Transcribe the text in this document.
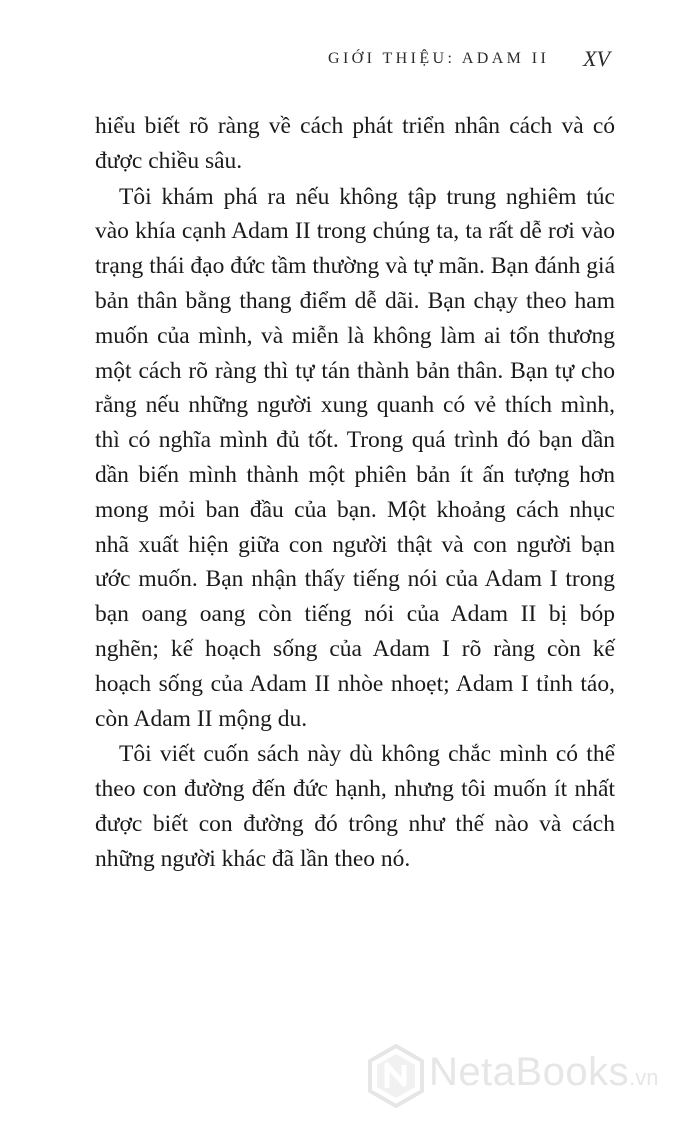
GIỚI THIỆU: ADAM II XV

hiểu biết rõ ràng về cách phát triển nhân cách và có được chiều sâu.

Tôi khám phá ra nếu không tập trung nghiêm túc vào khía cạnh Adam II trong chúng ta, ta rất dễ rơi vào trạng thái đạo đức tầm thường và tự mãn. Bạn đánh giá bản thân bằng thang điểm dễ dãi. Bạn chạy theo ham muốn của mình, và miễn là không làm ai tổn thương một cách rõ ràng thì tự tán thành bản thân. Bạn tự cho rằng nếu những người xung quanh có vẻ thích mình, thì có nghĩa mình đủ tốt. Trong quá trình đó bạn dần dần biến mình thành một phiên bản ít ấn tượng hơn mong mỏi ban đầu của bạn. Một khoảng cách nhục nhã xuất hiện giữa con người thật và con người bạn ước muốn. Bạn nhận thấy tiếng nói của Adam I trong bạn oang oang còn tiếng nói của Adam II bị bóp nghẽn; kế hoạch sống của Adam I rõ ràng còn kế hoạch sống của Adam II nhòe nhoẹt; Adam I tỉnh táo, còn Adam II mộng du.

Tôi viết cuốn sách này dù không chắc mình có thể theo con đường đến đức hạnh, nhưng tôi muốn ít nhất được biết con đường đó trông như thế nào và cách những người khác đã lần theo nó.

NetaBooks.vn
